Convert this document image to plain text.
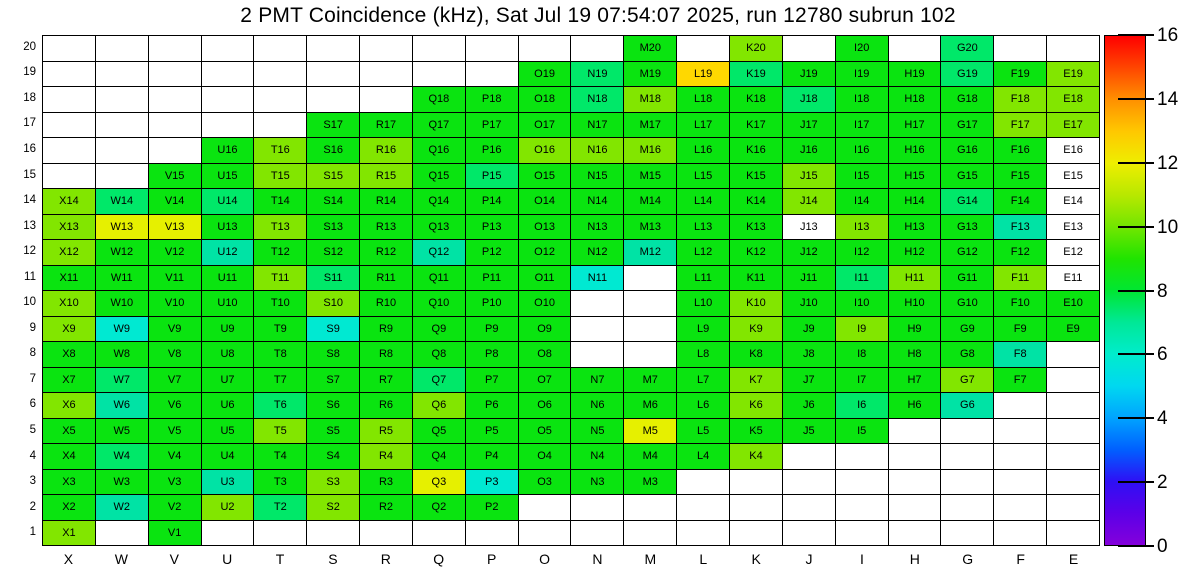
2 PMT Coincidence (kHz), Sat Jul 19 07:54:07 2025, run 12780 subrun 102
M20	K20	I20	G20
O19	N19	M19	L19	K19	J19	I19	H19	G19	F19	E19
Q18	P18	O18	N18	M18	L18	K18	J18	I18	H18	G18	F18	E18
S17	R17	Q17	P17	O17	N17	M17	L17	K17	J17	I17	H17	G17	F17	E17
U16	T16	S16	R16	Q16	P16	O16	N16	M16	L16	K16	J16	I16	H16	G16	F16	E16
V15	U15	T15	S15	R15	Q15	P15	O15	N15	M15	L15	K15	J15	I15	H15	G15	F15	E15
X14	W14	V14	U14	T14	S14	R14	Q14	P14	O14	N14	M14	L14	K14	J14	I14	H14	G14	F14	E14
X13	W13	V13	U13	T13	S13	R13	Q13	P13	O13	N13	M13	L13	K13	J13	I13	H13	G13	F13	E13
X12	W12	V12	U12	T12	S12	R12	Q12	P12	O12	N12	M12	L12	K12	J12	I12	H12	G12	F12	E12
X11	W11	V11	U11	T11	S11	R11	Q11	P11	O11	N11	L11	K11	J11	I11	H11	G11	F11	E11
X10	W10	V10	U10	T10	S10	R10	Q10	P10	O10	L10	K10	J10	I10	H10	G10	F10	E10
X9	W9	V9	U9	T9	S9	R9	Q9	P9	O9	L9	K9	J9	I9	H9	G9	F9	E9
X8	W8	V8	U8	T8	S8	R8	Q8	P8	O8	L8	K8	J8	I8	H8	G8	F8
X7	W7	V7	U7	T7	S7	R7	Q7	P7	O7	N7	M7	L7	K7	J7	I7	H7	G7	F7
X6	W6	V6	U6	T6	S6	R6	Q6	P6	O6	N6	M6	L6	K6	J6	I6	H6	G6
X5	W5	V5	U5	T5	S5	R5	Q5	P5	O5	N5	M5	L5	K5	J5	I5
X4	W4	V4	U4	T4	S4	R4	Q4	P4	O4	N4	M4	L4	K4
X3	W3	V3	U3	T3	S3	R3	Q3	P3	O3	N3	M3
X2	W2	V2	U2	T2	S2	R2	Q2	P2
X1	V1
20
19
18
17
16
15
14
13
12
11
10
9
8
7
6
5
4
3
2
1
X	W	V	U	T	S	R	Q	P	O	N	M	L	K	J	I	H	G	F	E
16
14
12
10
8
6
4
2
0
